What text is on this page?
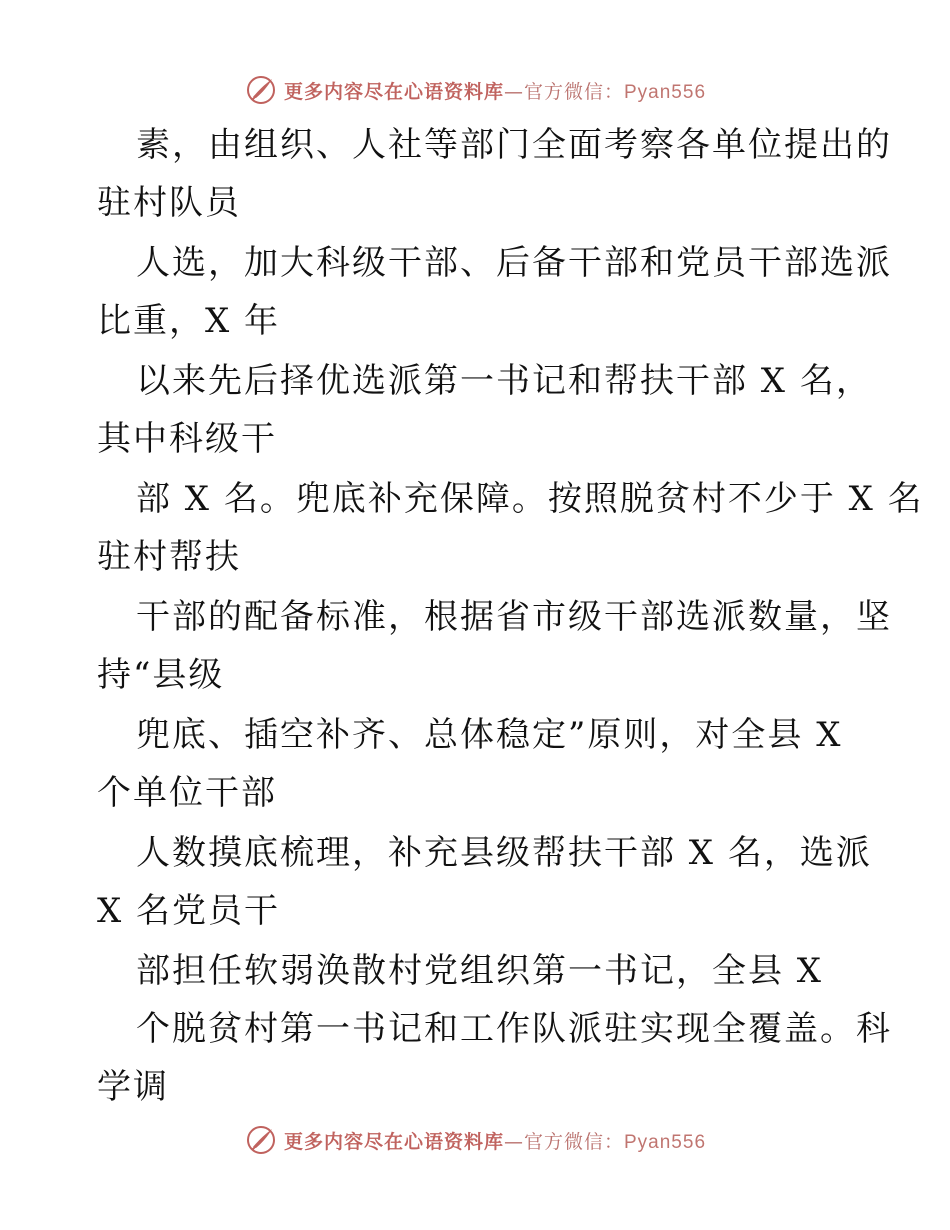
更多内容尽在心语资料库—官方微信：Pyan556
素，由组织、人社等部门全面考察各单位提出的
驻村队员
人选，加大科级干部、后备干部和党员干部选派
比重，X 年
以来先后择优选派第一书记和帮扶干部 X 名，
其中科级干
部 X 名。兜底补充保障。按照脱贫村不少于 X 名
驻村帮扶
干部的配备标准，根据省市级干部选派数量，坚
持“县级
兜底、插空补齐、总体稳定”原则，对全县 X
个单位干部
人数摸底梳理，补充县级帮扶干部 X 名，选派
X 名党员干
部担任软弱涣散村党组织第一书记，全县 X
个脱贫村第一书记和工作队派驻实现全覆盖。科
学调
更多内容尽在心语资料库—官方微信：Pyan556
